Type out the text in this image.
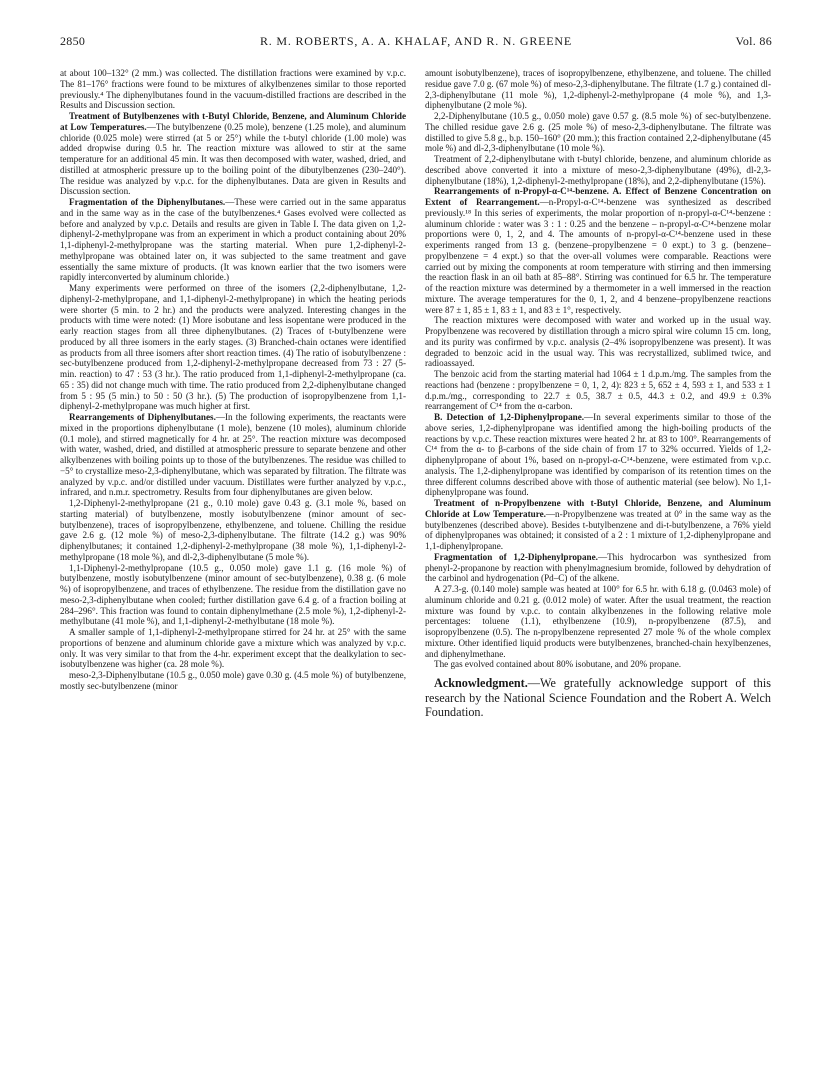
2850	R. M. ROBERTS, A. A. KHALAF, AND R. N. GREENE	Vol. 86

at about 100–132° (2 mm.) was collected. The distillation fractions were examined by v.p.c. The 81–176° fractions were found to be mixtures of alkylbenzenes similar to those reported previously.⁴ The diphenylbutanes found in the vacuum-distilled fractions are described in the Results and Discussion section.

Treatment of Butylbenzenes with t-Butyl Chloride, Benzene, and Aluminum Chloride at Low Temperatures.—The butylbenzene (0.25 mole), benzene (1.25 mole), and aluminum chloride (0.025 mole) were stirred (at 5 or 25°) while the t-butyl chloride (1.00 mole) was added dropwise during 0.5 hr. The reaction mixture was allowed to stir at the same temperature for an additional 45 min. It was then decomposed with water, washed, dried, and distilled at atmospheric pressure up to the boiling point of the dibutylbenzenes (230–240°). The residue was analyzed by v.p.c. for the diphenylbutanes. Data are given in Results and Discussion section.

Fragmentation of the Diphenylbutanes.—These were carried out in the same apparatus and in the same way as in the case of the butylbenzenes.⁴ Gases evolved were collected as before and analyzed by v.p.c. Details and results are given in Table I. The data given on 1,2-diphenyl-2-methylpropane was from an experiment in which a product containing about 20% 1,1-diphenyl-2-methylpropane was the starting material. When pure 1,2-diphenyl-2-methylpropane was obtained later on, it was subjected to the same treatment and gave essentially the same mixture of products. (It was known earlier that the two isomers were rapidly interconverted by aluminum chloride.)

Many experiments were performed on three of the isomers (2,2-diphenylbutane, 1,2-diphenyl-2-methylpropane, and 1,1-diphenyl-2-methylpropane) in which the heating periods were shorter (5 min. to 2 hr.) and the products were analyzed. Interesting changes in the products with time were noted: (1) More isobutane and less isopentane were produced in the early reaction stages from all three diphenylbutanes. (2) Traces of t-butylbenzene were produced by all three isomers in the early stages. (3) Branched-chain octanes were identified as products from all three isomers after short reaction times. (4) The ratio of isobutylbenzene : sec-butylbenzene produced from 1,2-diphenyl-2-methylpropane decreased from 73 : 27 (5-min. reaction) to 47 : 53 (3 hr.). The ratio produced from 1,1-diphenyl-2-methylpropane (ca. 65 : 35) did not change much with time. The ratio produced from 2,2-diphenylbutane changed from 5 : 95 (5 min.) to 50 : 50 (3 hr.). (5) The production of isopropylbenzene from 1,1-diphenyl-2-methylpropane was much higher at first.

Rearrangements of Diphenylbutanes.—In the following experiments, the reactants were mixed in the proportions diphenylbutane (1 mole), benzene (10 moles), aluminum chloride (0.1 mole), and stirred magnetically for 4 hr. at 25°. The reaction mixture was decomposed with water, washed, dried, and distilled at atmospheric pressure to separate benzene and other alkylbenzenes with boiling points up to those of the butylbenzenes. The residue was chilled to −5° to crystallize meso-2,3-diphenylbutane, which was separated by filtration. The filtrate was analyzed by v.p.c. and/or distilled under vacuum. Distillates were further analyzed by v.p.c., infrared, and n.m.r. spectrometry. Results from four diphenylbutanes are given below.

1,2-Diphenyl-2-methylpropane (21 g., 0.10 mole) gave 0.43 g. (3.1 mole %, based on starting material) of butylbenzene, mostly isobutylbenzene (minor amount of sec-butylbenzene), traces of isopropylbenzene, ethylbenzene, and toluene. Chilling the residue gave 2.6 g. (12 mole %) of meso-2,3-diphenylbutane. The filtrate (14.2 g.) was 90% diphenylbutanes; it contained 1,2-diphenyl-2-methylpropane (38 mole %), 1,1-diphenyl-2-methylpropane (18 mole %), and dl-2,3-diphenylbutane (5 mole %).

1,1-Diphenyl-2-methylpropane (10.5 g., 0.050 mole) gave 1.1 g. (16 mole %) of butylbenzene, mostly isobutylbenzene (minor amount of sec-butylbenzene), 0.38 g. (6 mole %) of isopropylbenzene, and traces of ethylbenzene. The residue from the distillation gave no meso-2,3-diphenylbutane when cooled; further distillation gave 6.4 g. of a fraction boiling at 284–296°. This fraction was found to contain diphenylmethane (2.5 mole %), 1,2-diphenyl-2-methylbutane (41 mole %), and 1,1-diphenyl-2-methylbutane (18 mole %).

A smaller sample of 1,1-diphenyl-2-methylpropane stirred for 24 hr. at 25° with the same proportions of benzene and aluminum chloride gave a mixture which was analyzed by v.p.c. only. It was very similar to that from the 4-hr. experiment except that the dealkylation to sec-isobutylbenzene was higher (ca. 28 mole %).

meso-2,3-Diphenylbutane (10.5 g., 0.050 mole) gave 0.30 g. (4.5 mole %) of butylbenzene, mostly sec-butylbenzene (minor

amount isobutylbenzene), traces of isopropylbenzene, ethylbenzene, and toluene. The chilled residue gave 7.0 g. (67 mole %) of meso-2,3-diphenylbutane. The filtrate (1.7 g.) contained dl-2,3-diphenylbutane (11 mole %), 1,2-diphenyl-2-methylpropane (4 mole %), and 1,3-diphenylbutane (2 mole %).

2,2-Diphenylbutane (10.5 g., 0.050 mole) gave 0.57 g. (8.5 mole %) of sec-butylbenzene. The chilled residue gave 2.6 g. (25 mole %) of meso-2,3-diphenylbutane. The filtrate was distilled to give 5.8 g., b.p. 150–160° (20 mm.); this fraction contained 2,2-diphenylbutane (45 mole %) and dl-2,3-diphenylbutane (10 mole %).

Treatment of 2,2-diphenylbutane with t-butyl chloride, benzene, and aluminum chloride as described above converted it into a mixture of meso-2,3-diphenylbutane (49%), dl-2,3-diphenylbutane (18%), 1,2-diphenyl-2-methylpropane (18%), and 2,2-diphenylbutane (15%).

Rearrangements of n-Propyl-α-C¹⁴-benzene. A. Effect of Benzene Concentration on Extent of Rearrangement.—n-Propyl-α-C¹⁴-benzene was synthesized as described previously.¹⁸ In this series of experiments, the molar proportion of n-propyl-α-C¹⁴-benzene : aluminum chloride : water was 3 : 1 : 0.25 and the benzene – n-propyl-α-C¹⁴-benzene molar proportions were 0, 1, 2, and 4. The amounts of n-propyl-α-C¹⁴-benzene used in these experiments ranged from 13 g. (benzene–propylbenzene = 0 expt.) to 3 g. (benzene–propylbenzene = 4 expt.) so that the over-all volumes were comparable. Reactions were carried out by mixing the components at room temperature with stirring and then immersing the reaction flask in an oil bath at 85–88°. Stirring was continued for 6.5 hr. The temperature of the reaction mixture was determined by a thermometer in a well immersed in the reaction mixture. The average temperatures for the 0, 1, 2, and 4 benzene–propylbenzene reactions were 87 ± 1, 85 ± 1, 83 ± 1, and 83 ± 1°, respectively.

The reaction mixtures were decomposed with water and worked up in the usual way. Propylbenzene was recovered by distillation through a micro spiral wire column 15 cm. long, and its purity was confirmed by v.p.c. analysis (2–4% isopropylbenzene was present). It was degraded to benzoic acid in the usual way. This was recrystallized, sublimed twice, and radioassayed.

The benzoic acid from the starting material had 1064 ± 1 d.p.m./mg. The samples from the reactions had (benzene : propylbenzene = 0, 1, 2, 4): 823 ± 5, 652 ± 4, 593 ± 1, and 533 ± 1 d.p.m./mg., corresponding to 22.7 ± 0.5, 38.7 ± 0.5, 44.3 ± 0.2, and 49.9 ± 0.3% rearrangement of C¹⁴ from the α-carbon.

B. Detection of 1,2-Diphenylpropane.—In several experiments similar to those of the above series, 1,2-diphenylpropane was identified among the high-boiling products of the reactions by v.p.c. These reaction mixtures were heated 2 hr. at 83 to 100°. Rearrangements of C¹⁴ from the α- to β-carbons of the side chain of from 17 to 32% occurred. Yields of 1,2-diphenylpropane of about 1%, based on n-propyl-α-C¹⁴-benzene, were estimated from v.p.c. analysis. The 1,2-diphenylpropane was identified by comparison of its retention times on the three different columns described above with those of authentic material (see below). No 1,1-diphenylpropane was found.

Treatment of n-Propylbenzene with t-Butyl Chloride, Benzene, and Aluminum Chloride at Low Temperature.—n-Propylbenzene was treated at 0° in the same way as the butylbenzenes (described above). Besides t-butylbenzene and di-t-butylbenzene, a 76% yield of diphenylpropanes was obtained; it consisted of a 2 : 1 mixture of 1,2-diphenylpropane and 1,1-diphenylpropane.

Fragmentation of 1,2-Diphenylpropane.—This hydrocarbon was synthesized from phenyl-2-propanone by reaction with phenylmagnesium bromide, followed by dehydration of the carbinol and hydrogenation (Pd–C) of the alkene.

A 27.3-g. (0.140 mole) sample was heated at 100° for 6.5 hr. with 6.18 g. (0.0463 mole) of aluminum chloride and 0.21 g. (0.012 mole) of water. After the usual treatment, the reaction mixture was found by v.p.c. to contain alkylbenzenes in the following relative mole percentages: toluene (1.1), ethylbenzene (10.9), n-propylbenzene (87.5), and isopropylbenzene (0.5). The n-propylbenzene represented 27 mole % of the whole complex mixture. Other identified liquid products were butylbenzenes, branched-chain hexylbenzenes, and diphenylmethane.

The gas evolved contained about 80% isobutane, and 20% propane.

Acknowledgment.—We gratefully acknowledge support of this research by the National Science Foundation and the Robert A. Welch Foundation.
